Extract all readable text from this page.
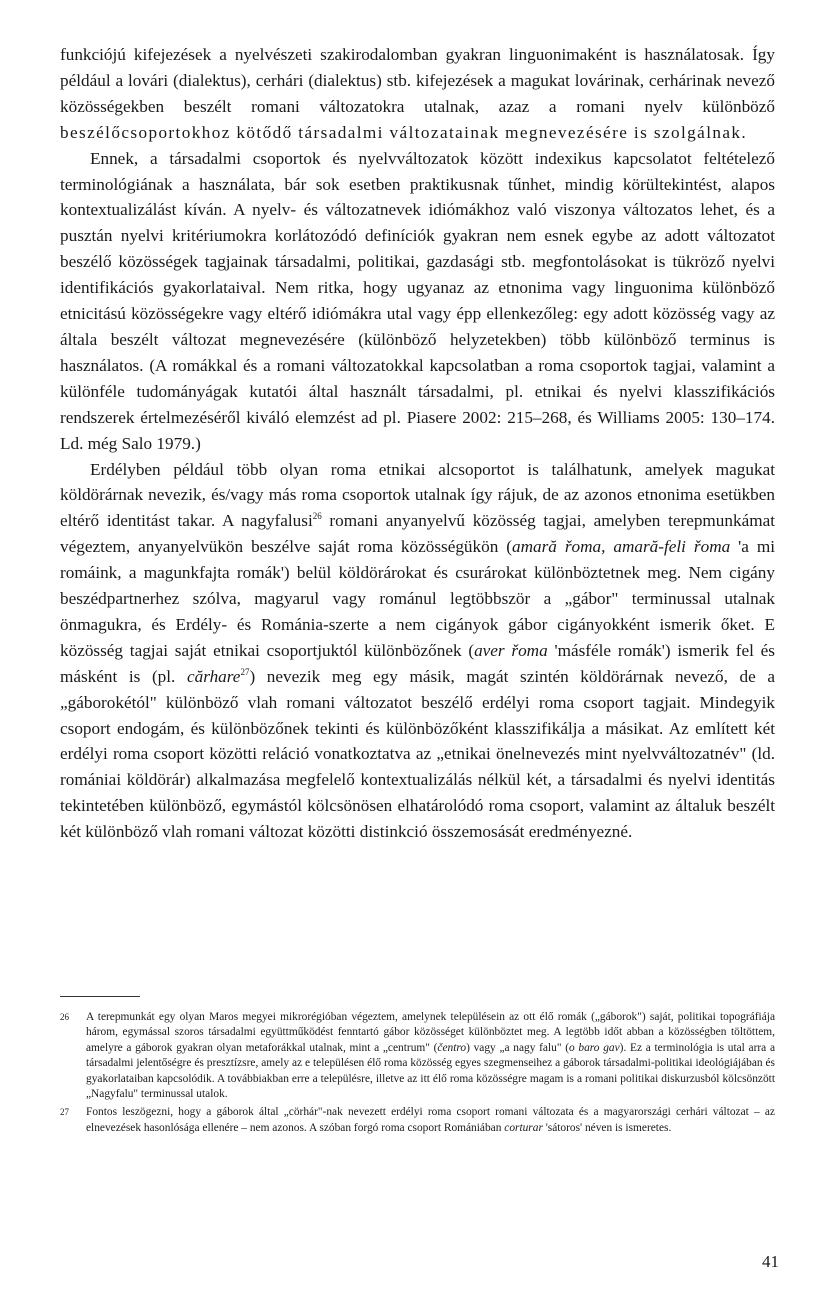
funkciójú kifejezések a nyelvészeti szakirodalomban gyakran linguonimaként is használatosak. Így például a lovári (dialektus), cerhári (dialektus) stb. kifejezések a magukat lovárinak, cerhárinak nevező közösségekben beszélt romani változatokra utalnak, azaz a romani nyelv különböző beszélőcsoportokhoz kötődő társadalmi változatainak megnevezésére is szolgálnak.

Ennek, a társadalmi csoportok és nyelvváltozatok között indexikus kapcsolatot feltételező terminológiának a használata, bár sok esetben praktikusnak tűnhet, mindig körültekintést, alapos kontextualizálást kíván. A nyelv- és változatnevek idiómákhoz való viszonya változatos lehet, és a pusztán nyelvi kritériumokra korlátozódó definíciók gyakran nem esnek egybe az adott változatot beszélő közösségek tagjainak társadalmi, politikai, gazdasági stb. megfontolásokat is tükröző nyelvi identifikációs gyakorlataival. Nem ritka, hogy ugyanaz az etnonima vagy linguonima különböző etnicitású közösségekre vagy eltérő idiómákra utal vagy épp ellenkezőleg: egy adott közösség vagy az általa beszélt változat megnevezésére (különböző helyzetekben) több különböző terminus is használatos. (A romákkal és a romani változatokkal kapcsolatban a roma csoportok tagjai, valamint a különféle tudományágak kutatói által használt társadalmi, pl. etnikai és nyelvi klasszifikációs rendszerek értelmezéséről kiváló elemzést ad pl. Piasere 2002: 215–268, és Williams 2005: 130–174. Ld. még Salo 1979.)

Erdélyben például több olyan roma etnikai alcsoportot is találhatunk, amelyek magukat köldörárnak nevezik, és/vagy más roma csoportok utalnak így rájuk, de az azonos etnonima esetükben eltérő identitást takar. A nagyfalusi$^{26}$ romani anyanyelvű közösség tagjai, amelyben terepmunkámat végeztem, anyanyelvükön beszélve saját roma közösségükön (amară řoma, amară-feli řoma 'a mi romáink, a magunkfajta romák') belül köldörárokat és csurárokat különböztetnek meg. Nem cigány beszédpartnerhez szólva, magyarul vagy románul legtöbbször a „gábor" terminussal utalnak önmagukra, és Erdély- és Románia-szerte a nem cigányok gábor cigányokként ismerik őket. E közösség tagjai saját etnikai csoportjuktól különbözőnek (aver řoma 'másféle romák') ismerik fel és másként is (pl. cărhare$^{27}$) nevezik meg egy másik, magát szintén köldörárnak nevező, de a „gáborokétól" különböző vlah romani változatot beszélő erdélyi roma csoport tagjait. Mindegyik csoport endogám, és különbözőnek tekinti és különbözőként klasszifikálja a másikat. Az említett két erdélyi roma csoport közötti reláció vonatkoztatva az „etnikai önelnevezés mint nyelvváltozatnév" (ld. romániai köldörár) alkalmazása megfelelő kontextualizálás nélkül két, a társadalmi és nyelvi identitás tekintetében különböző, egymástól kölcsönösen elhatárolódó roma csoport, valamint az általuk beszélt két különböző vlah romani változat közötti distinkció összemosását eredményezné.

26	A terepmunkát egy olyan Maros megyei mikrorégióban végeztem, amelynek településein az ott élő romák („gáborok") saját, politikai topográfiája három, egymással szoros társadalmi együttműködést fenntartó gábor közösséget különböztet meg. A legtöbb időt abban a közösségben töltöttem, amelyre a gáborok gyakran olyan metaforákkal utalnak, mint a „centrum" (čentro) vagy „a nagy falu" (o baro gav). Ez a terminológia is utal arra a társadalmi jelentőségre és presztízsre, amely az e településen élő roma közösség egyes szegmenseihez a gáborok társadalmi-politikai ideológiájában és gyakorlataiban kapcsolódik. A továbbiakban erre a településre, illetve az itt élő roma közösségre magam is a romani politikai diskurzusból kölcsönzött „Nagyfalu" terminussal utalok.
27	Fontos leszögezni, hogy a gáborok által „cörhár"-nak nevezett erdélyi roma csoport romani változata és a magyarországi cerhári változat – az elnevezések hasonlósága ellenére – nem azonos. A szóban forgó roma csoport Romániában corturar 'sátoros' néven is ismeretes.
41
